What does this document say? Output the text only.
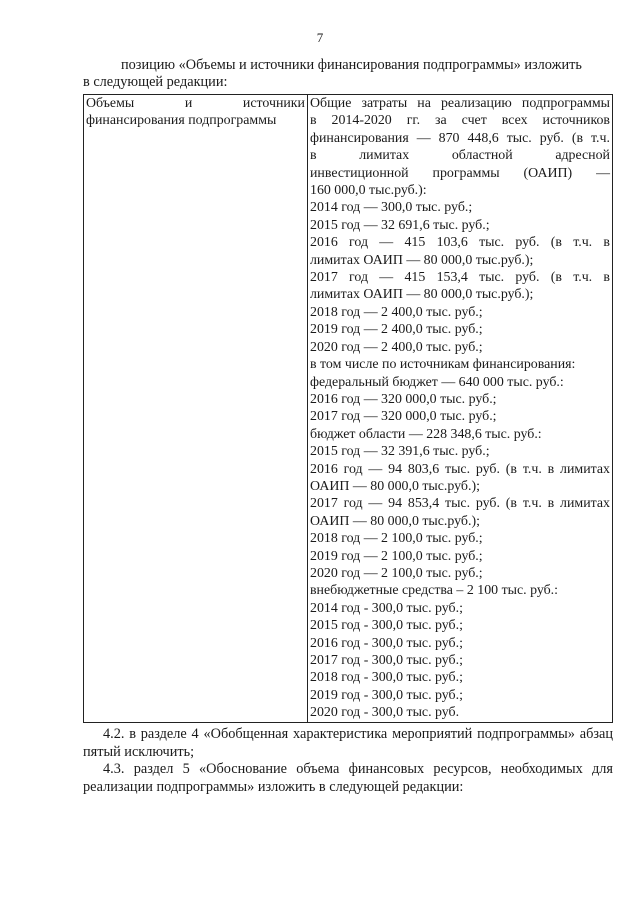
7
позицию «Объемы и источники финансирования подпрограммы» изложить
в следующей редакции:
Объемы и источники
финансирования подпрограммы

Общие затраты на реализацию подпрограммы
в 2014-2020 гг. за счет всех источников
финансирования — 870 448,6 тыс. руб. (в т.ч.
в лимитах областной адресной
инвестиционной программы (ОАИП) —
160 000,0 тыс.руб.):
2014 год — 300,0 тыс. руб.;
2015 год — 32 691,6 тыс. руб.;
2016 год — 415 103,6 тыс. руб. (в т.ч. в
лимитах ОАИП — 80 000,0 тыс.руб.);
2017 год — 415 153,4 тыс. руб. (в т.ч. в
лимитах ОАИП — 80 000,0 тыс.руб.);
2018 год — 2 400,0 тыс. руб.;
2019 год — 2 400,0 тыс. руб.;
2020 год — 2 400,0 тыс. руб.;
в том числе по источникам финансирования:
федеральный бюджет — 640 000 тыс. руб.:
2016 год — 320 000,0 тыс. руб.;
2017 год — 320 000,0 тыс. руб.;
бюджет области — 228 348,6 тыс. руб.:
2015 год — 32 391,6 тыс. руб.;
2016 год — 94 803,6 тыс. руб. (в т.ч. в лимитах
ОАИП — 80 000,0 тыс.руб.);
2017 год — 94 853,4 тыс. руб. (в т.ч. в лимитах
ОАИП — 80 000,0 тыс.руб.);
2018 год — 2 100,0 тыс. руб.;
2019 год — 2 100,0 тыс. руб.;
2020 год — 2 100,0 тыс. руб.;
внебюджетные средства – 2 100 тыс. руб.:
2014 год - 300,0 тыс. руб.;
2015 год - 300,0 тыс. руб.;
2016 год - 300,0 тыс. руб.;
2017 год - 300,0 тыс. руб.;
2018 год - 300,0 тыс. руб.;
2019 год - 300,0 тыс. руб.;
2020 год - 300,0 тыс. руб.

4.2. в разделе 4 «Обобщенная характеристика мероприятий подпрограммы» абзац пятый исключить;

4.3. раздел 5 «Обоснование объема финансовых ресурсов, необходимых для реализации подпрограммы» изложить в следующей редакции:
